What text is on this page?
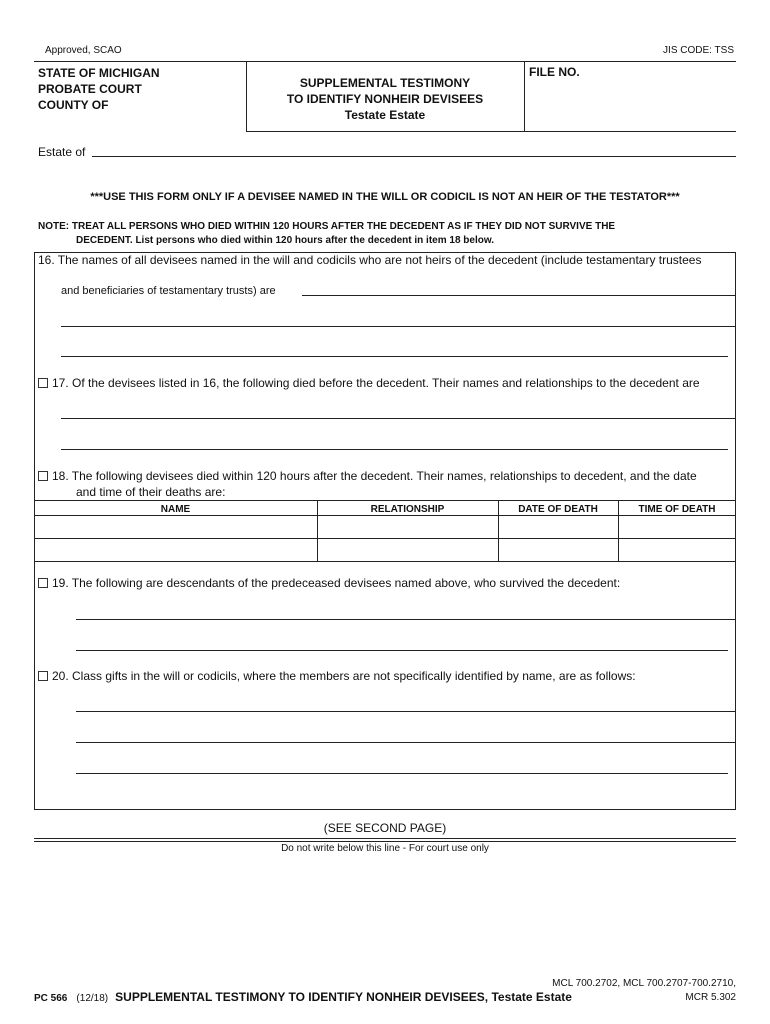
Approved, SCAO	JIS CODE: TSS
STATE OF MICHIGAN
PROBATE COURT
COUNTY OF
SUPPLEMENTAL TESTIMONY
TO IDENTIFY NONHEIR DEVISEES
Testate Estate
FILE NO.
Estate of
***USE THIS FORM ONLY IF A DEVISEE NAMED IN THE WILL OR CODICIL IS NOT AN HEIR OF THE TESTATOR***
NOTE: TREAT ALL PERSONS WHO DIED WITHIN 120 HOURS AFTER THE DECEDENT AS IF THEY DID NOT SURVIVE THE
DECEDENT. List persons who died within 120 hours after the decedent in item 18 below.
16. The names of all devisees named in the will and codicils who are not heirs of the decedent (include testamentary trustees
and beneficiaries of testamentary trusts) are
17. Of the devisees listed in 16, the following died before the decedent. Their names and relationships to the decedent are
18. The following devisees died within 120 hours after the decedent. Their names, relationships to decedent, and the date
and time of their deaths are:
NAME	RELATIONSHIP	DATE OF DEATH	TIME OF DEATH
19. The following are descendants of the predeceased devisees named above, who survived the decedent:
20. Class gifts in the will or codicils, where the members are not specifically identified by name, are as follows:
(SEE SECOND PAGE)
Do not write below this line - For court use only
MCL 700.2702, MCL 700.2707-700.2710,
MCR 5.302
PC 566 (12/18) SUPPLEMENTAL TESTIMONY TO IDENTIFY NONHEIR DEVISEES, Testate Estate
